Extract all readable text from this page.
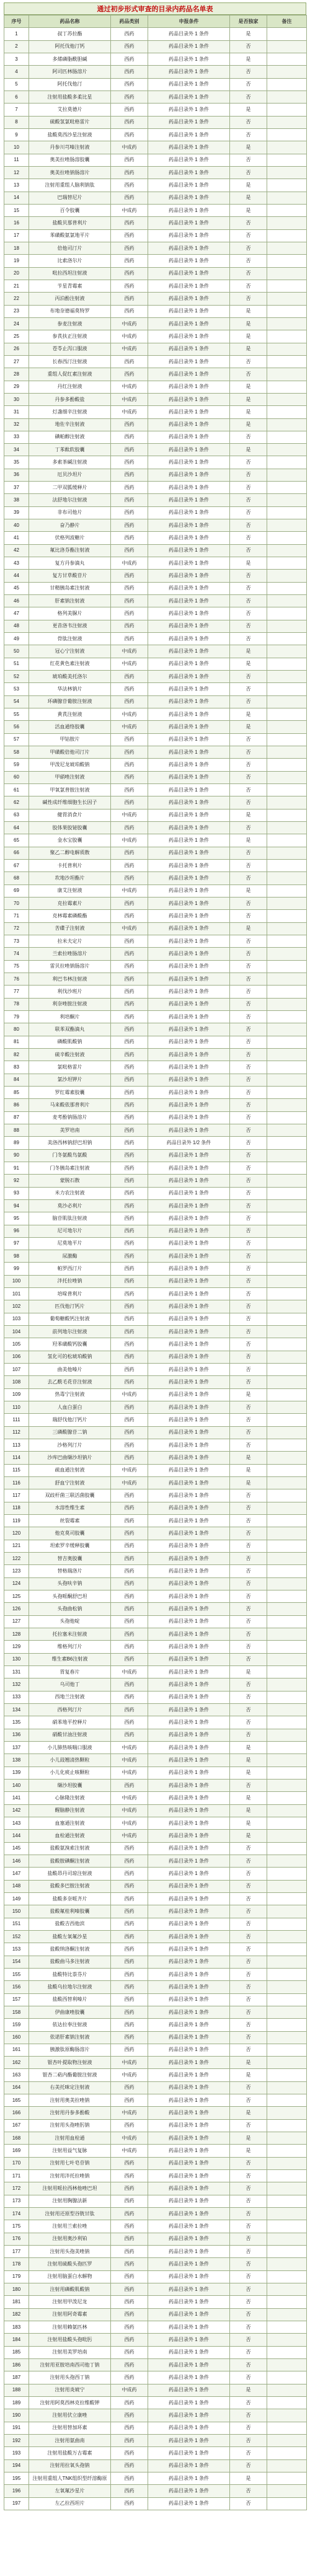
通过初步形式审查的目录内药品名单表
序号	药品名称	药品类别	申报条件	是否独家	备注
1	叔丁苏拉酯	西药	药品目录外 1 条件	是	
2	阿托伐他汀钙	西药	药品目录外 1 条件	否	
3	多烯磷脂酰胆碱	西药	药品目录外 1 条件	是	
4	阿司匹林肠溶片	西药	药品目录外 1 条件	否	
5	阿托伐他汀	西药	药品目录外 1 条件	否	
6	注射用盐酸多柔比星	西药	药品目录外 1 条件	否	
7	艾拉莫德片	西药	药品目录外 1 条件	是	
8	硫酸氢氯吡格雷片	西药	药品目录外 1 条件	否	
9	盐酸莫西沙星注射液	西药	药品目录外 1 条件	否	
10	丹参川芎嗪注射液	中成药	药品目录外 1 条件	是	
11	奥美拉唑肠溶胶囊	西药	药品目录外 1 条件	否	
12	奥美拉唑钠肠溶片	西药	药品目录外 1 条件	否	
13	注射用重组人脑利钠肽	西药	药品目录外 1 条件	是	
14	巴瑞替尼片	西药	药品目录外 1 条件	是	
15	百令胶囊	中成药	药品目录外 1 条件	是	
16	盐酸贝那普利片	西药	药品目录外 1 条件	否	
17	苯磺酸氨氯地平片	西药	药品目录外 1 条件	否	
18	倍他司汀片	西药	药品目录外 1 条件	否	
19	比索洛尔片	西药	药品目录外 1 条件	否	
20	吡拉西坦注射液	西药	药品目录外 1 条件	否	
21	苄星青霉素	西药	药品目录外 1 条件	否	
22	丙泊酚注射液	西药	药品目录外 1 条件	否	
23	布地奈德福莫特罗	西药	药品目录外 1 条件	是	
24	参麦注射液	中成药	药品目录外 1 条件	是	
25	参芪扶正注射液	中成药	药品目录外 1 条件	是	
26	苍苓止泻口服液	中成药	药品目录外 1 条件	是	
27	长春西汀注射液	西药	药品目录外 1 条件	否	
28	重组人促红素注射液	西药	药品目录外 1 条件	否	
29	丹红注射液	中成药	药品目录外 1 条件	是	
30	丹参多酚酸盐	中成药	药品目录外 1 条件	是	
31	灯盏细辛注射液	中成药	药品目录外 1 条件	是	
32	地佐辛注射液	西药	药品目录外 1 条件	是	
33	碘帕醇注射液	西药	药品目录外 1 条件	否	
34	丁苯酞软胶囊	西药	药品目录外 1 条件	是	
35	多索茶碱注射液	西药	药品目录外 1 条件	否	
36	厄贝沙坦片	西药	药品目录外 1 条件	否	
37	二甲双胍缓释片	西药	药品目录外 1 条件	否	
38	法舒地尔注射液	西药	药品目录外 1 条件	否	
39	非布司他片	西药	药品目录外 1 条件	否	
40	奋乃静片	西药	药品目录外 1 条件	否	
41	伏格列波糖片	西药	药品目录外 1 条件	否	
42	氟比洛芬酯注射液	西药	药品目录外 1 条件	否	
43	复方丹参滴丸	中成药	药品目录外 1 条件	是	
44	复方甘草酸苷片	西药	药品目录外 1 条件	否	
45	甘精胰岛素注射液	西药	药品目录外 1 条件	否	
46	肝素钠注射液	西药	药品目录外 1 条件	否	
47	格列美脲片	西药	药品目录外 1 条件	否	
48	更昔洛韦注射液	西药	药品目录外 1 条件	否	
49	骨肽注射液	西药	药品目录外 1 条件	否	
50	冠心宁注射液	中成药	药品目录外 1 条件	是	
51	红花黄色素注射液	中成药	药品目录外 1 条件	是	
52	琥珀酸美托洛尔	西药	药品目录外 1 条件	否	
53	华法林钠片	西药	药品目录外 1 条件	否	
54	环磷腺苷葡胺注射液	西药	药品目录外 1 条件	否	
55	黄芪注射液	中成药	药品目录外 1 条件	是	
56	活血通络胶囊	中成药	药品目录外 1 条件	是	
57	甲钴胺片	西药	药品目录外 1 条件	否	
58	甲磺酸倍他司汀片	西药	药品目录外 1 条件	否	
59	甲泼尼龙琥珀酸钠	西药	药品目录外 1 条件	否	
60	甲硝唑注射液	西药	药品目录外 1 条件	否	
61	甲氧氯普胺注射液	西药	药品目录外 1 条件	否	
62	碱性成纤维细胞生长因子	西药	药品目录外 1 条件	否	
63	健胃消食片	中成药	药品目录外 1 条件	是	
64	胶体果胶铋胶囊	西药	药品目录外 1 条件	否	
65	金水宝胶囊	中成药	药品目录外 1 条件	是	
66	聚乙二醇电解质散	西药	药品目录外 1 条件	否	
67	卡托普利片	西药	药品目录外 1 条件	否	
68	坎地沙坦酯片	西药	药品目录外 1 条件	否	
69	康艾注射液	中成药	药品目录外 1 条件	是	
70	克拉霉素片	西药	药品目录外 1 条件	否	
71	克林霉素磷酸酯	西药	药品目录外 1 条件	否	
72	苦碟子注射液	中成药	药品目录外 1 条件	是	
73	拉米夫定片	西药	药品目录外 1 条件	否	
74	兰索拉唑肠溶片	西药	药品目录外 1 条件	否	
75	雷贝拉唑钠肠溶片	西药	药品目录外 1 条件	否	
76	利巴韦林注射液	西药	药品目录外 1 条件	否	
77	利伐沙班片	西药	药品目录外 1 条件	否	
78	利奈唑胺注射液	西药	药品目录外 1 条件	否	
79	利培酮片	西药	药品目录外 1 条件	否	
80	联苯双酯滴丸	西药	药品目录外 1 条件	否	
81	磷酸肌酸钠	西药	药品目录外 1 条件	否	
82	硫辛酸注射液	西药	药品目录外 1 条件	否	
83	氯吡格雷片	西药	药品目录外 1 条件	否	
84	氯沙坦钾片	西药	药品目录外 1 条件	否	
85	罗红霉素胶囊	西药	药品目录外 1 条件	否	
86	马来酸依那普利片	西药	药品目录外 1 条件	否	
87	麦考酚钠肠溶片	西药	药品目录外 1 条件	否	
88	美罗培南	西药	药品目录外 1 条件	否	
89	美洛西林钠舒巴坦钠	西药	药品目录外 1/2 条件	否	
90	门冬氨酸鸟氨酸	西药	药品目录外 1 条件	否	
91	门冬胰岛素注射液	西药	药品目录外 1 条件	否	
92	蒙脱石散	西药	药品目录外 1 条件	否	
93	米力农注射液	西药	药品目录外 1 条件	否	
94	莫沙必利片	西药	药品目录外 1 条件	否	
95	脑苷肌肽注射液	西药	药品目录外 1 条件	否	
96	尼可地尔片	西药	药品目录外 1 条件	否	
97	尼莫地平片	西药	药品目录外 1 条件	否	
98	尿激酶	西药	药品目录外 1 条件	否	
99	帕罗西汀片	西药	药品目录外 1 条件	否	
100	泮托拉唑钠	西药	药品目录外 1 条件	否	
101	培哚普利片	西药	药品目录外 1 条件	否	
102	匹伐他汀钙片	西药	药品目录外 1 条件	否	
103	葡萄糖酸钙注射液	西药	药品目录外 1 条件	否	
104	前列地尔注射液	西药	药品目录外 1 条件	否	
105	羟苯磺酸钙胶囊	西药	药品目录外 1 条件	否	
106	氢化可的松琥珀酸钠	西药	药品目录外 1 条件	否	
107	曲美他嗪片	西药	药品目录外 1 条件	否	
108	去乙酰毛花苷注射液	西药	药品目录外 1 条件	否	
109	热毒宁注射液	中成药	药品目录外 1 条件	是	
110	人血白蛋白	西药	药品目录外 1 条件	否	
111	瑞舒伐他汀钙片	西药	药品目录外 1 条件	否	
112	三磷酸腺苷二钠	西药	药品目录外 1 条件	否	
113	沙格列汀片	西药	药品目录外 1 条件	否	
114	沙库巴曲缬沙坦钠片	西药	药品目录外 1 条件	是	
115	疏血通注射液	中成药	药品目录外 1 条件	是	
116	舒血宁注射液	中成药	药品目录外 1 条件	是	
117	双歧杆菌三联活菌胶囊	西药	药品目录外 1 条件	否	
118	水溶性维生素	西药	药品目录外 1 条件	否	
119	丝裂霉素	西药	药品目录外 1 条件	否	
120	他克莫司胶囊	西药	药品目录外 1 条件	否	
121	坦索罗辛缓释胶囊	西药	药品目录外 1 条件	否	
122	替吉奥胶囊	西药	药品目录外 1 条件	否	
123	替格瑞洛片	西药	药品目录外 1 条件	否	
124	头孢呋辛钠	西药	药品目录外 1 条件	否	
125	头孢哌酮舒巴坦	西药	药品目录外 1 条件	否	
126	头孢曲松钠	西药	药品目录外 1 条件	否	
127	头孢他啶	西药	药品目录外 1 条件	否	
128	托拉塞米注射液	西药	药品目录外 1 条件	否	
129	维格列汀片	西药	药品目录外 1 条件	否	
130	维生素B6注射液	西药	药品目录外 1 条件	否	
131	胃复春片	中成药	药品目录外 1 条件	是	
132	乌司他丁	西药	药品目录外 1 条件	否	
133	西地兰注射液	西药	药品目录外 1 条件	否	
134	西格列汀片	西药	药品目录外 1 条件	否	
135	硝苯地平控释片	西药	药品目录外 1 条件	否	
136	硝酸甘油注射液	西药	药品目录外 1 条件	否	
137	小儿肺热咳喘口服液	中成药	药品目录外 1 条件	是	
138	小儿豉翘清热颗粒	中成药	药品目录外 1 条件	是	
139	小儿化痰止咳颗粒	中成药	药品目录外 1 条件	是	
140	缬沙坦胶囊	西药	药品目录外 1 条件	否	
141	心脉隆注射液	中成药	药品目录外 1 条件	是	
142	醒脑静注射液	中成药	药品目录外 1 条件	是	
143	血塞通注射液	中成药	药品目录外 1 条件	是	
144	血栓通注射液	中成药	药品目录外 1 条件	是	
145	盐酸氨溴索注射液	西药	药品目录外 1 条件	否	
146	盐酸胺碘酮注射液	西药	药品目录外 1 条件	否	
147	盐酸昂丹司琼注射液	西药	药品目录外 1 条件	否	
148	盐酸多巴胺注射液	西药	药品目录外 1 条件	否	
149	盐酸多奈哌齐片	西药	药品目录外 1 条件	否	
150	盐酸氟桂利嗪胶囊	西药	药品目录外 1 条件	否	
151	盐酸吉西他滨	西药	药品目录外 1 条件	否	
152	盐酸左氧氟沙星	西药	药品目录外 1 条件	否	
153	盐酸纳洛酮注射液	西药	药品目录外 1 条件	否	
154	盐酸曲马多注射液	西药	药品目录外 1 条件	否	
155	盐酸特比萘芬片	西药	药品目录外 1 条件	否	
156	盐酸乌拉地尔注射液	西药	药品目录外 1 条件	否	
157	盐酸西替利嗪片	西药	药品目录外 1 条件	否	
158	伊曲康唑胶囊	西药	药品目录外 1 条件	否	
159	依达拉奉注射液	西药	药品目录外 1 条件	否	
160	依诺肝素钠注射液	西药	药品目录外 1 条件	否	
161	胰激肽原酶肠溶片	西药	药品目录外 1 条件	否	
162	银杏叶提取物注射液	中成药	药品目录外 1 条件	是	
163	银杏二萜内酯葡胺注射液	中成药	药品目录外 1 条件	是	
164	右美托咪定注射液	西药	药品目录外 1 条件	否	
165	注射用奥美拉唑钠	西药	药品目录外 1 条件	否	
166	注射用丹参多酚酸	中成药	药品目录外 1 条件	是	
167	注射用头孢唑肟钠	西药	药品目录外 1 条件	否	
168	注射用血栓通	中成药	药品目录外 1 条件	是	
169	注射用益气复脉	中成药	药品目录外 1 条件	是	
170	注射用七叶皂苷钠	西药	药品目录外 1 条件	否	
171	注射用泮托拉唑钠	西药	药品目录外 1 条件	否	
172	注射用哌拉西林他唑巴坦	西药	药品目录外 1 条件	否	
173	注射用胸腺法新	西药	药品目录外 1 条件	否	
174	注射用还原型谷胱甘肽	西药	药品目录外 1 条件	否	
175	注射用兰索拉唑	西药	药品目录外 1 条件	否	
176	注射用奥沙利铂	西药	药品目录外 1 条件	否	
177	注射用头孢美唑钠	西药	药品目录外 1 条件	否	
178	注射用硫酸头孢匹罗	西药	药品目录外 1 条件	否	
179	注射用脑蛋白水解物	西药	药品目录外 1 条件	否	
180	注射用磷酸肌酸钠	西药	药品目录外 1 条件	否	
181	注射用甲泼尼龙	西药	药品目录外 1 条件	否	
182	注射用阿奇霉素	西药	药品目录外 1 条件	否	
183	注射用赖氨匹林	西药	药品目录外 1 条件	否	
184	注射用盐酸头孢吡肟	西药	药品目录外 1 条件	否	
185	注射用美罗培南	西药	药品目录外 1 条件	否	
186	注射用亚胺培南西司他丁钠	西药	药品目录外 1 条件	否	
187	注射用头孢西丁钠	西药	药品目录外 1 条件	否	
188	注射用炎琥宁	中成药	药品目录外 1 条件	是	
189	注射用阿莫西林克拉维酸钾	西药	药品目录外 1 条件	否	
190	注射用伏立康唑	西药	药品目录外 1 条件	否	
191	注射用替加环素	西药	药品目录外 1 条件	否	
192	注射用氨曲南	西药	药品目录外 1 条件	否	
193	注射用盐酸万古霉素	西药	药品目录外 1 条件	否	
194	注射用拉氧头孢钠	西药	药品目录外 1 条件	否	
195	注射用重组人TNK组织型纤溶酶原	西药	药品目录外 1 条件	是	
196	左氧氟沙星片	西药	药品目录外 1 条件	否	
197	左乙拉西坦片	西药	药品目录外 1 条件	否	
